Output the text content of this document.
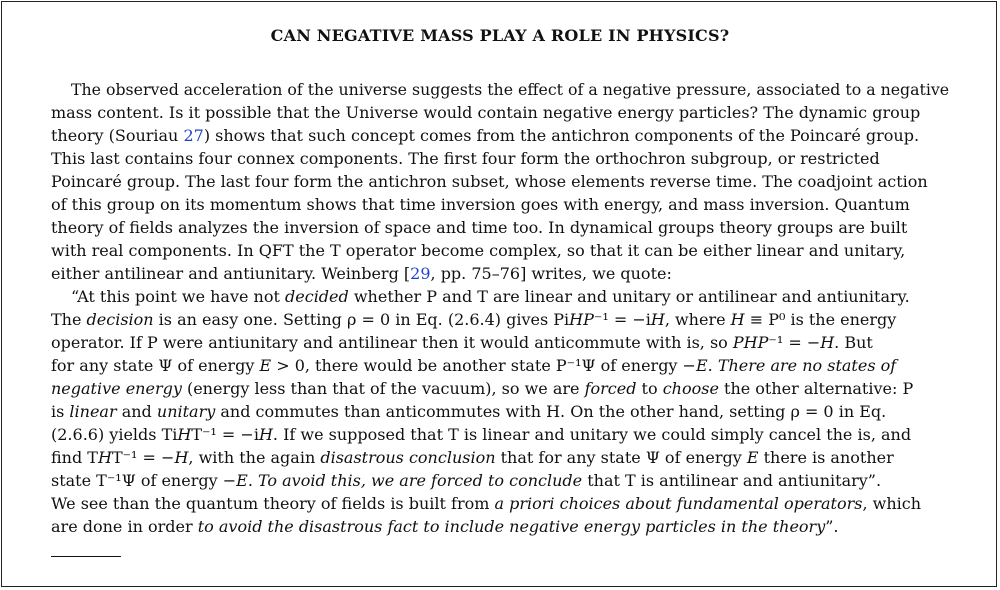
CAN NEGATIVE MASS PLAY A ROLE IN PHYSICS?

The observed acceleration of the universe suggests the effect of a negative pressure, associated to a negative
mass content. Is it possible that the Universe would contain negative energy particles? The dynamic group
theory (Souriau 27) shows that such concept comes from the antichron components of the Poincaré group.
This last contains four connex components. The first four form the orthochron subgroup, or restricted
Poincaré group. The last four form the antichron subset, whose elements reverse time. The coadjoint action
of this group on its momentum shows that time inversion goes with energy, and mass inversion. Quantum
theory of fields analyzes the inversion of space and time too. In dynamical groups theory groups are built
with real components. In QFT the T operator become complex, so that it can be either linear and unitary,
either antilinear and antiunitary. Weinberg [29, pp. 75–76] writes, we quote:

“At this point we have not decided whether P and T are linear and unitary or antilinear and antiunitary.
The decision is an easy one. Setting ρ = 0 in Eq. (2.6.4) gives PiHP⁻¹ = −iH, where H ≡ P⁰ is the energy
operator. If P were antiunitary and antilinear then it would anticommute with is, so PHP⁻¹ = −H. But
for any state Ψ of energy E > 0, there would be another state P⁻¹Ψ of energy −E. There are no states of
negative energy (energy less than that of the vacuum), so we are forced to choose the other alternative: P
is linear and unitary and commutes than anticommutes with H. On the other hand, setting ρ = 0 in Eq.
(2.6.6) yields TiHT⁻¹ = −iH. If we supposed that T is linear and unitary we could simply cancel the is, and
find THT⁻¹ = −H, with the again disastrous conclusion that for any state Ψ of energy E there is another
state T⁻¹Ψ of energy −E. To avoid this, we are forced to conclude that T is antilinear and antiunitary”.
We see than the quantum theory of fields is built from a priori choices about fundamental operators, which
are done in order to avoid the disastrous fact to include negative energy particles in the theory”.
